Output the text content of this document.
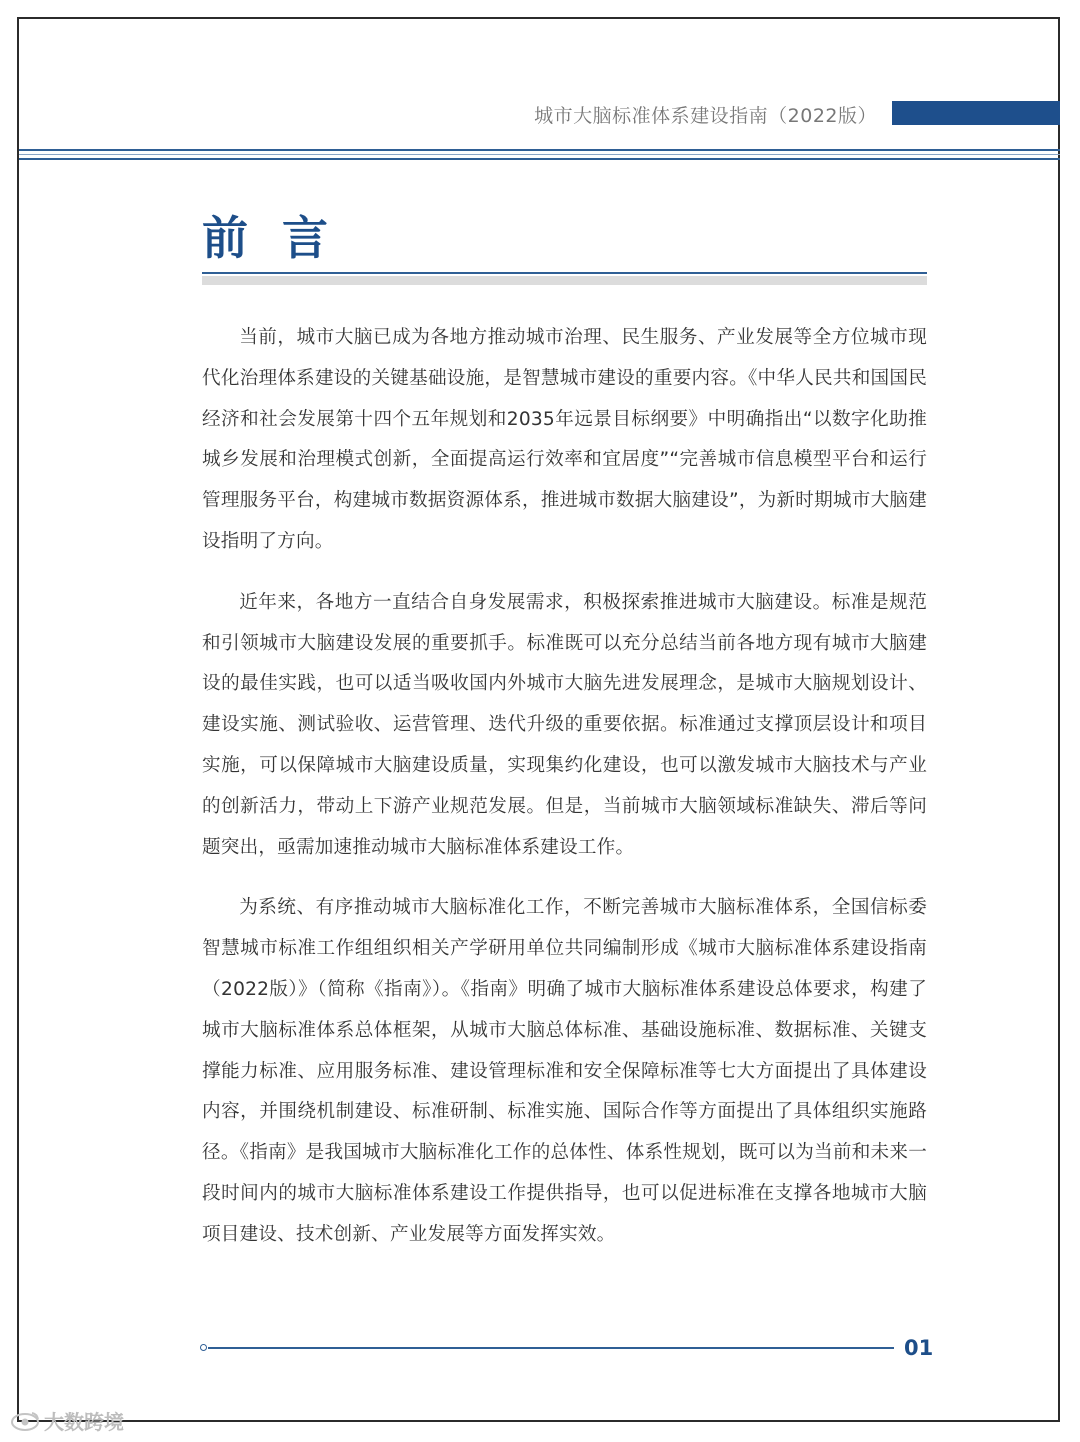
城市大脑标准体系建设指南（2022版）
前言

当前，城市大脑已成为各地方推动城市治理、民生服务、产业发展等全方位城市现代化治理体系建设的关键基础设施，是智慧城市建设的重要内容。《中华人民共和国国民经济和社会发展第十四个五年规划和2035年远景目标纲要》中明确指出“以数字化助推城乡发展和治理模式创新，全面提高运行效率和宜居度”“完善城市信息模型平台和运行管理服务平台，构建城市数据资源体系，推进城市数据大脑建设”，为新时期城市大脑建设指明了方向。

近年来，各地方一直结合自身发展需求，积极探索推进城市大脑建设。标准是规范和引领城市大脑建设发展的重要抓手。标准既可以充分总结当前各地方现有城市大脑建设的最佳实践，也可以适当吸收国内外城市大脑先进发展理念，是城市大脑规划设计、建设实施、测试验收、运营管理、迭代升级的重要依据。标准通过支撑顶层设计和项目实施，可以保障城市大脑建设质量，实现集约化建设，也可以激发城市大脑技术与产业的创新活力，带动上下游产业规范发展。但是，当前城市大脑领域标准缺失、滞后等问题突出，亟需加速推动城市大脑标准体系建设工作。

为系统、有序推动城市大脑标准化工作，不断完善城市大脑标准体系，全国信标委智慧城市标准工作组组织相关产学研用单位共同编制形成《城市大脑标准体系建设指南（2022版）》（简称《指南》）。《指南》明确了城市大脑标准体系建设总体要求，构建了城市大脑标准体系总体框架，从城市大脑总体标准、基础设施标准、数据标准、关键支撑能力标准、应用服务标准、建设管理标准和安全保障标准等七大方面提出了具体建设内容，并围绕机制建设、标准研制、标准实施、国际合作等方面提出了具体组织实施路径。《指南》是我国城市大脑标准化工作的总体性、体系性规划，既可以为当前和未来一段时间内的城市大脑标准体系建设工作提供指导，也可以促进标准在支撑各地城市大脑项目建设、技术创新、产业发展等方面发挥实效。

01
大数跨境
